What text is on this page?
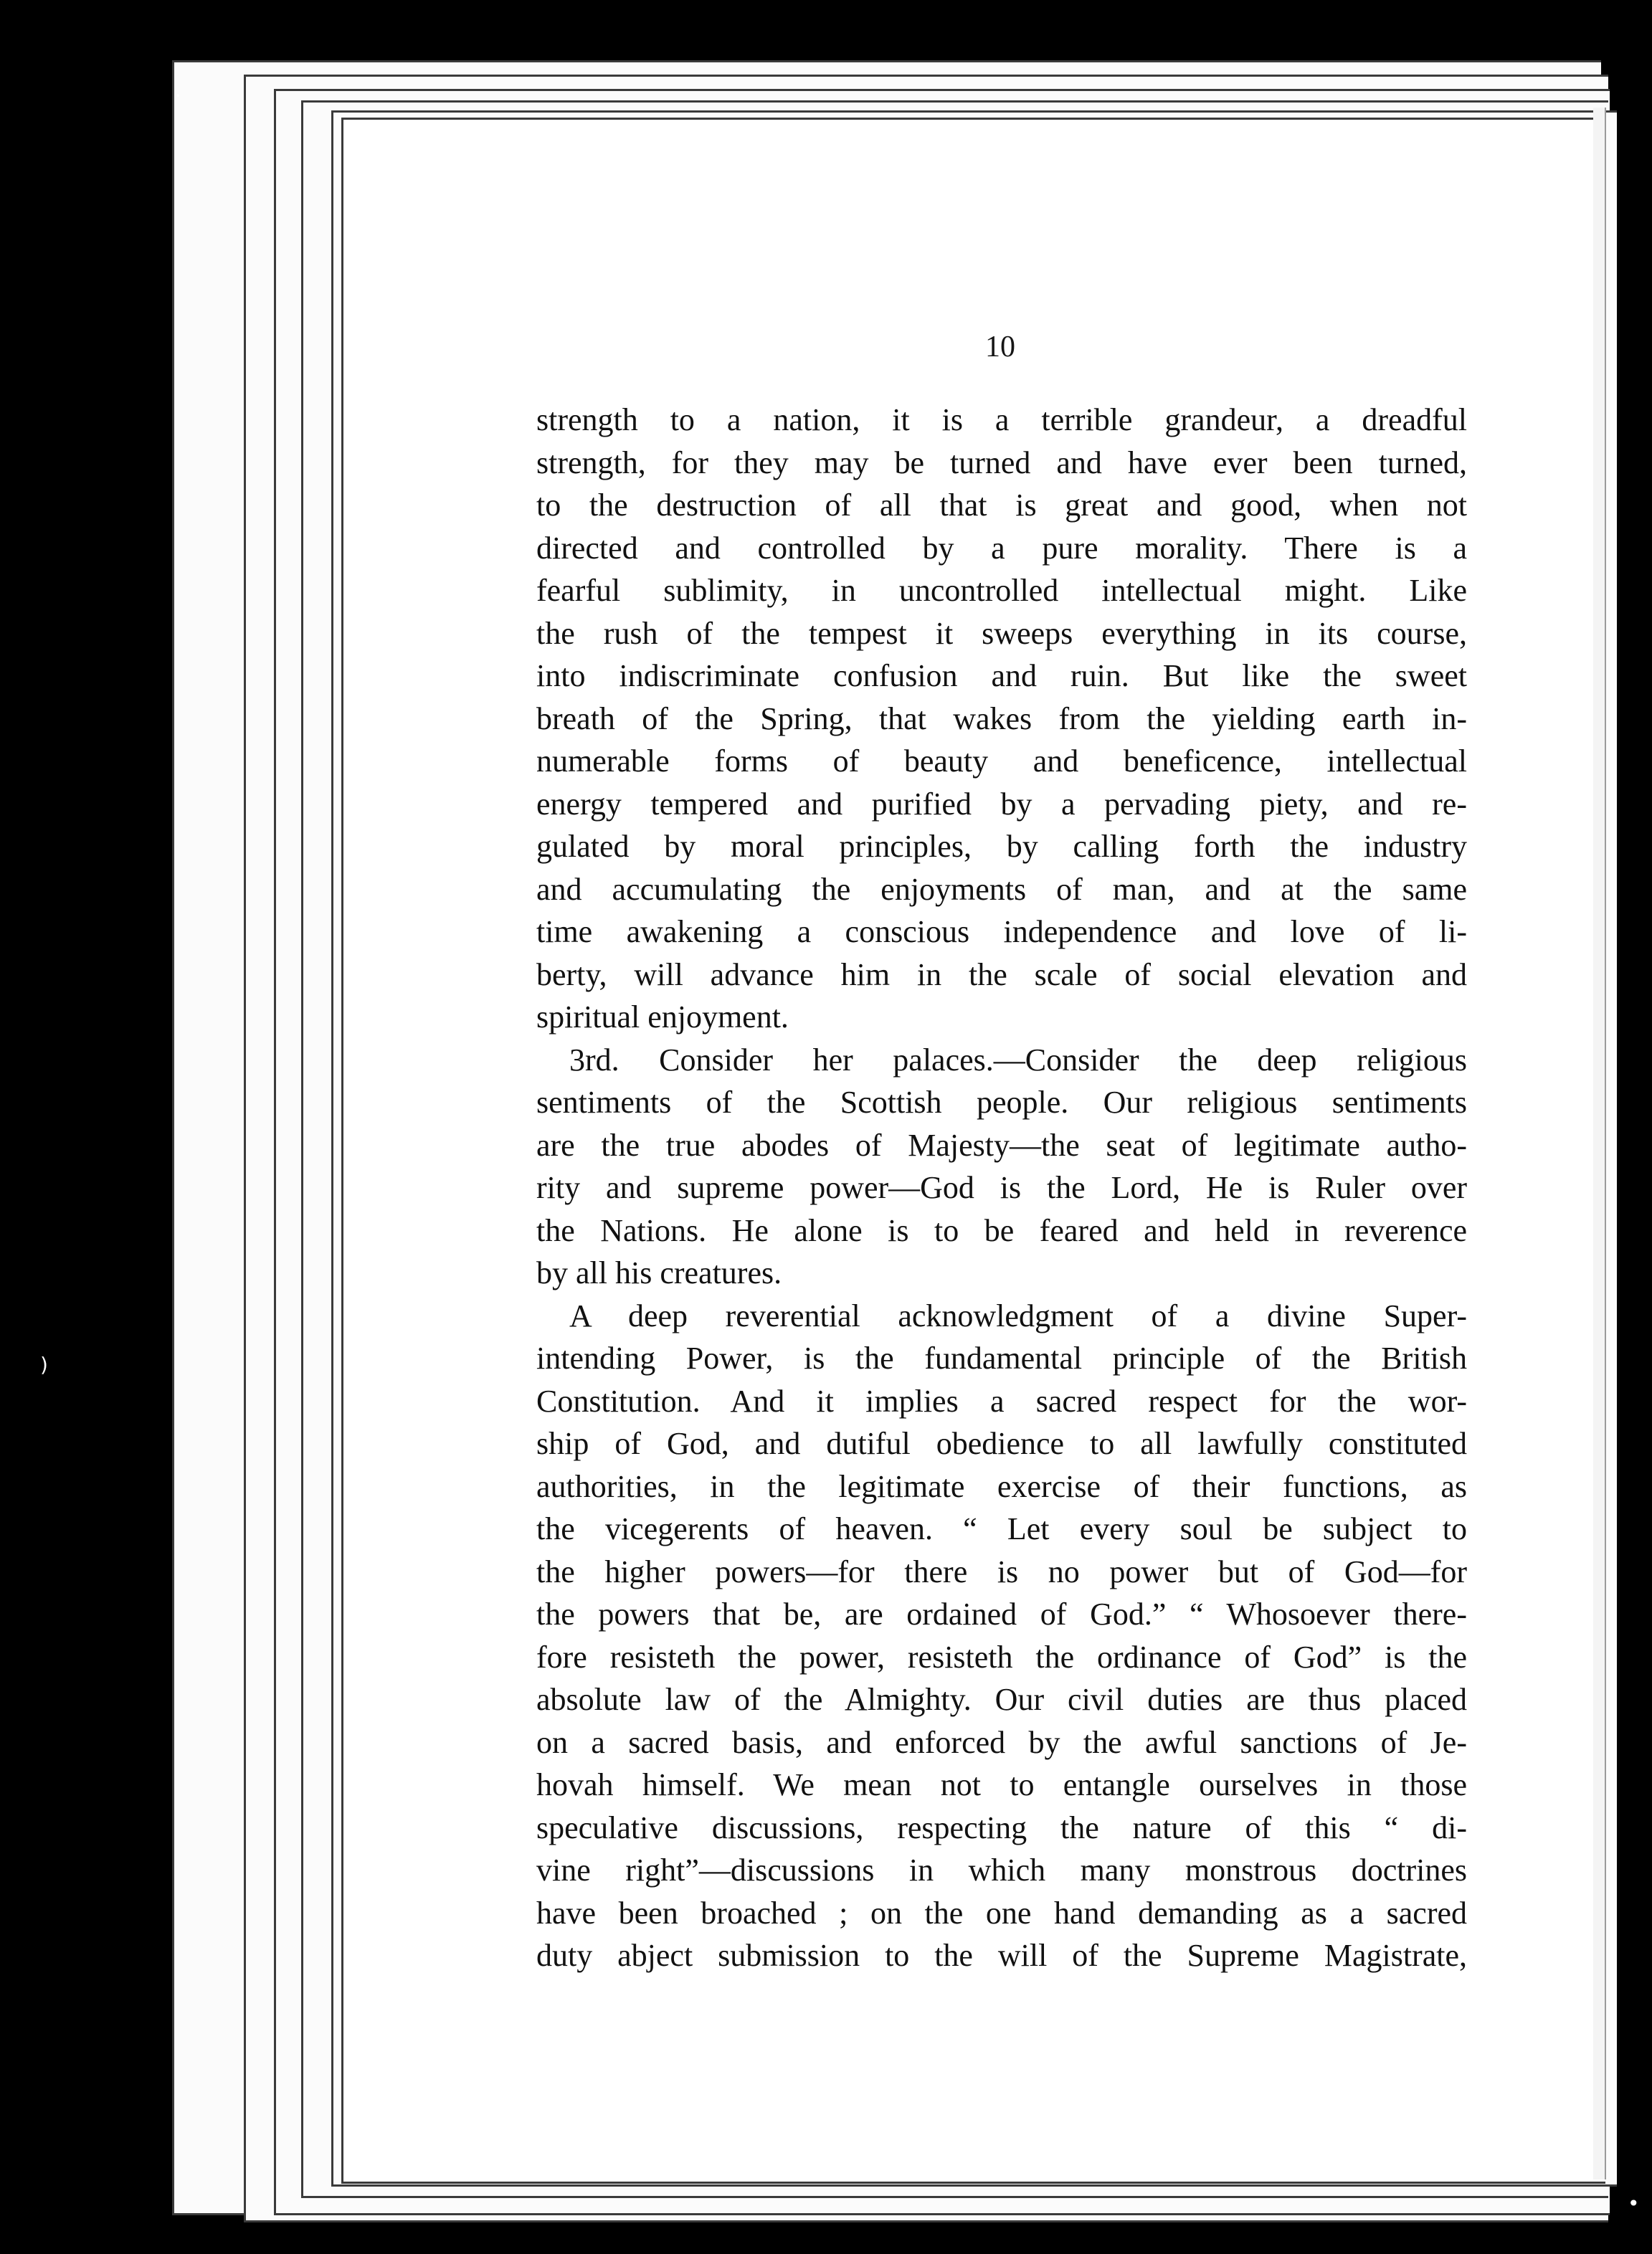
·
)
•
10
strength to a nation, it is a terrible grandeur, a dreadful
strength, for they may be turned and have ever been turned,
to the destruction of all that is great and good, when not
directed and controlled by a pure morality. There is a
fearful sublimity, in uncontrolled intellectual might. Like
the rush of the tempest it sweeps everything in its course,
into indiscriminate confusion and ruin. But like the sweet
breath of the Spring, that wakes from the yielding earth in-
numerable forms of beauty and beneficence, intellectual
energy tempered and purified by a pervading piety, and re-
gulated by moral principles, by calling forth the industry
and accumulating the enjoyments of man, and at the same
time awakening a conscious independence and love of li-
berty, will advance him in the scale of social elevation and
spiritual enjoyment.
3rd. Consider her palaces.—Consider the deep religious
sentiments of the Scottish people. Our religious sentiments
are the true abodes of Majesty—the seat of legitimate autho-
rity and supreme power—God is the Lord, He is Ruler over
the Nations. He alone is to be feared and held in reverence
by all his creatures.
A deep reverential acknowledgment of a divine Super-
intending Power, is the fundamental principle of the British
Constitution. And it implies a sacred respect for the wor-
ship of God, and dutiful obedience to all lawfully constituted
authorities, in the legitimate exercise of their functions, as
the vicegerents of heaven. “ Let every soul be subject to
the higher powers—for there is no power but of God—for
the powers that be, are ordained of God.” “ Whosoever there-
fore resisteth the power, resisteth the ordinance of God” is the
absolute law of the Almighty. Our civil duties are thus placed
on a sacred basis, and enforced by the awful sanctions of Je-
hovah himself. We mean not to entangle ourselves in those
speculative discussions, respecting the nature of this “ di-
vine right”—discussions in which many monstrous doctrines
have been broached ; on the one hand demanding as a sacred
duty abject submission to the will of the Supreme Magistrate,
